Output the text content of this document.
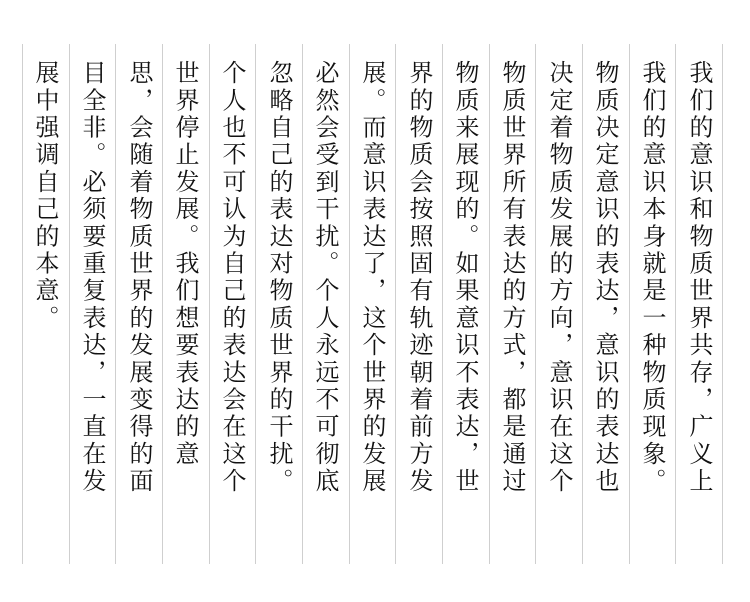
我们的意识和物质世界共存，广义上
我们的意识本身就是一种物质现象。
物质决定意识的表达，意识的表达也
决定着物质发展的方向，意识在这个
物质世界所有表达的方式，都是通过
物质来展现的。如果意识不表达，世
界的物质会按照固有轨迹朝着前方发
展。而意识表达了，这个世界的发展
必然会受到干扰。个人永远不可彻底
忽略自己的表达对物质世界的干扰。
个人也不可认为自己的表达会在这个
世界停止发展。我们想要表达的意
思，会随着物质世界的发展变得的面
目全非。必须要重复表达，一直在发
展中强调自己的本意。
